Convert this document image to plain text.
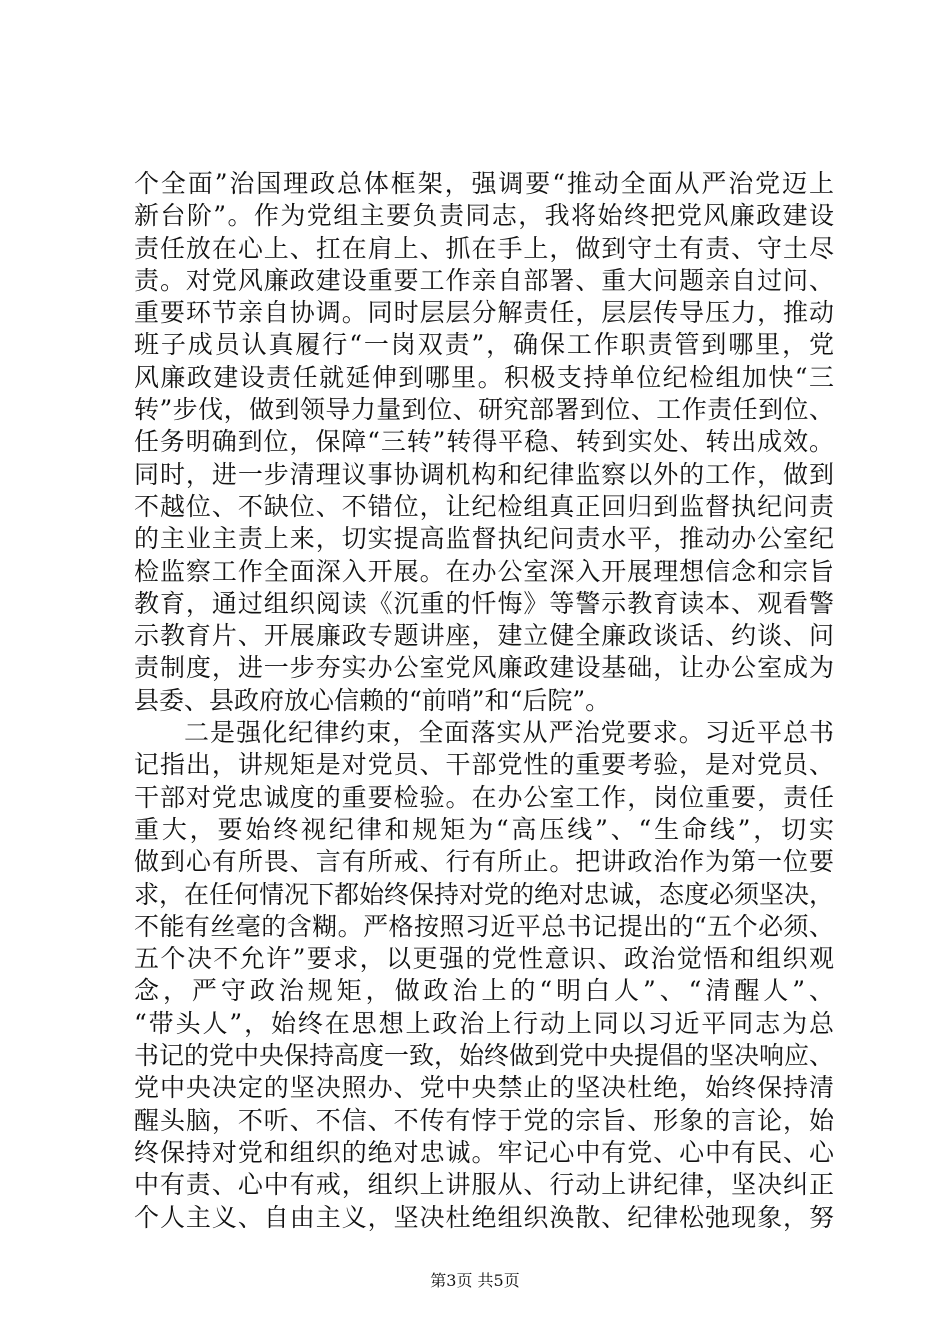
个全面”治国理政总体框架，强调要“推动全面从严治党迈上
新台阶”。作为党组主要负责同志，我将始终把党风廉政建设
责任放在心上、扛在肩上、抓在手上，做到守土有责、守土尽
责。对党风廉政建设重要工作亲自部署、重大问题亲自过问、
重要环节亲自协调。同时层层分解责任，层层传导压力，推动
班子成员认真履行“一岗双责”，确保工作职责管到哪里，党
风廉政建设责任就延伸到哪里。积极支持单位纪检组加快“三
转”步伐，做到领导力量到位、研究部署到位、工作责任到位、
任务明确到位，保障“三转”转得平稳、转到实处、转出成效。
同时，进一步清理议事协调机构和纪律监察以外的工作，做到
不越位、不缺位、不错位，让纪检组真正回归到监督执纪问责
的主业主责上来，切实提高监督执纪问责水平，推动办公室纪
检监察工作全面深入开展。在办公室深入开展理想信念和宗旨
教育，通过组织阅读《沉重的忏悔》等警示教育读本、观看警
示教育片、开展廉政专题讲座，建立健全廉政谈话、约谈、问
责制度，进一步夯实办公室党风廉政建设基础，让办公室成为
县委、县政府放心信赖的“前哨”和“后院”。
二是强化纪律约束，全面落实从严治党要求。习近平总书
记指出，讲规矩是对党员、干部党性的重要考验，是对党员、
干部对党忠诚度的重要检验。在办公室工作，岗位重要，责任
重大，要始终视纪律和规矩为“高压线”、“生命线”，切实
做到心有所畏、言有所戒、行有所止。把讲政治作为第一位要
求，在任何情况下都始终保持对党的绝对忠诚，态度必须坚决，
不能有丝毫的含糊。严格按照习近平总书记提出的“五个必须、
五个决不允许”要求，以更强的党性意识、政治觉悟和组织观
念，严守政治规矩，做政治上的“明白人”、“清醒人”、
“带头人”，始终在思想上政治上行动上同以习近平同志为总
书记的党中央保持高度一致，始终做到党中央提倡的坚决响应、
党中央决定的坚决照办、党中央禁止的坚决杜绝，始终保持清
醒头脑，不听、不信、不传有悖于党的宗旨、形象的言论，始
终保持对党和组织的绝对忠诚。牢记心中有党、心中有民、心
中有责、心中有戒，组织上讲服从、行动上讲纪律，坚决纠正
个人主义、自由主义，坚决杜绝组织涣散、纪律松弛现象，努
第3页 共5页
